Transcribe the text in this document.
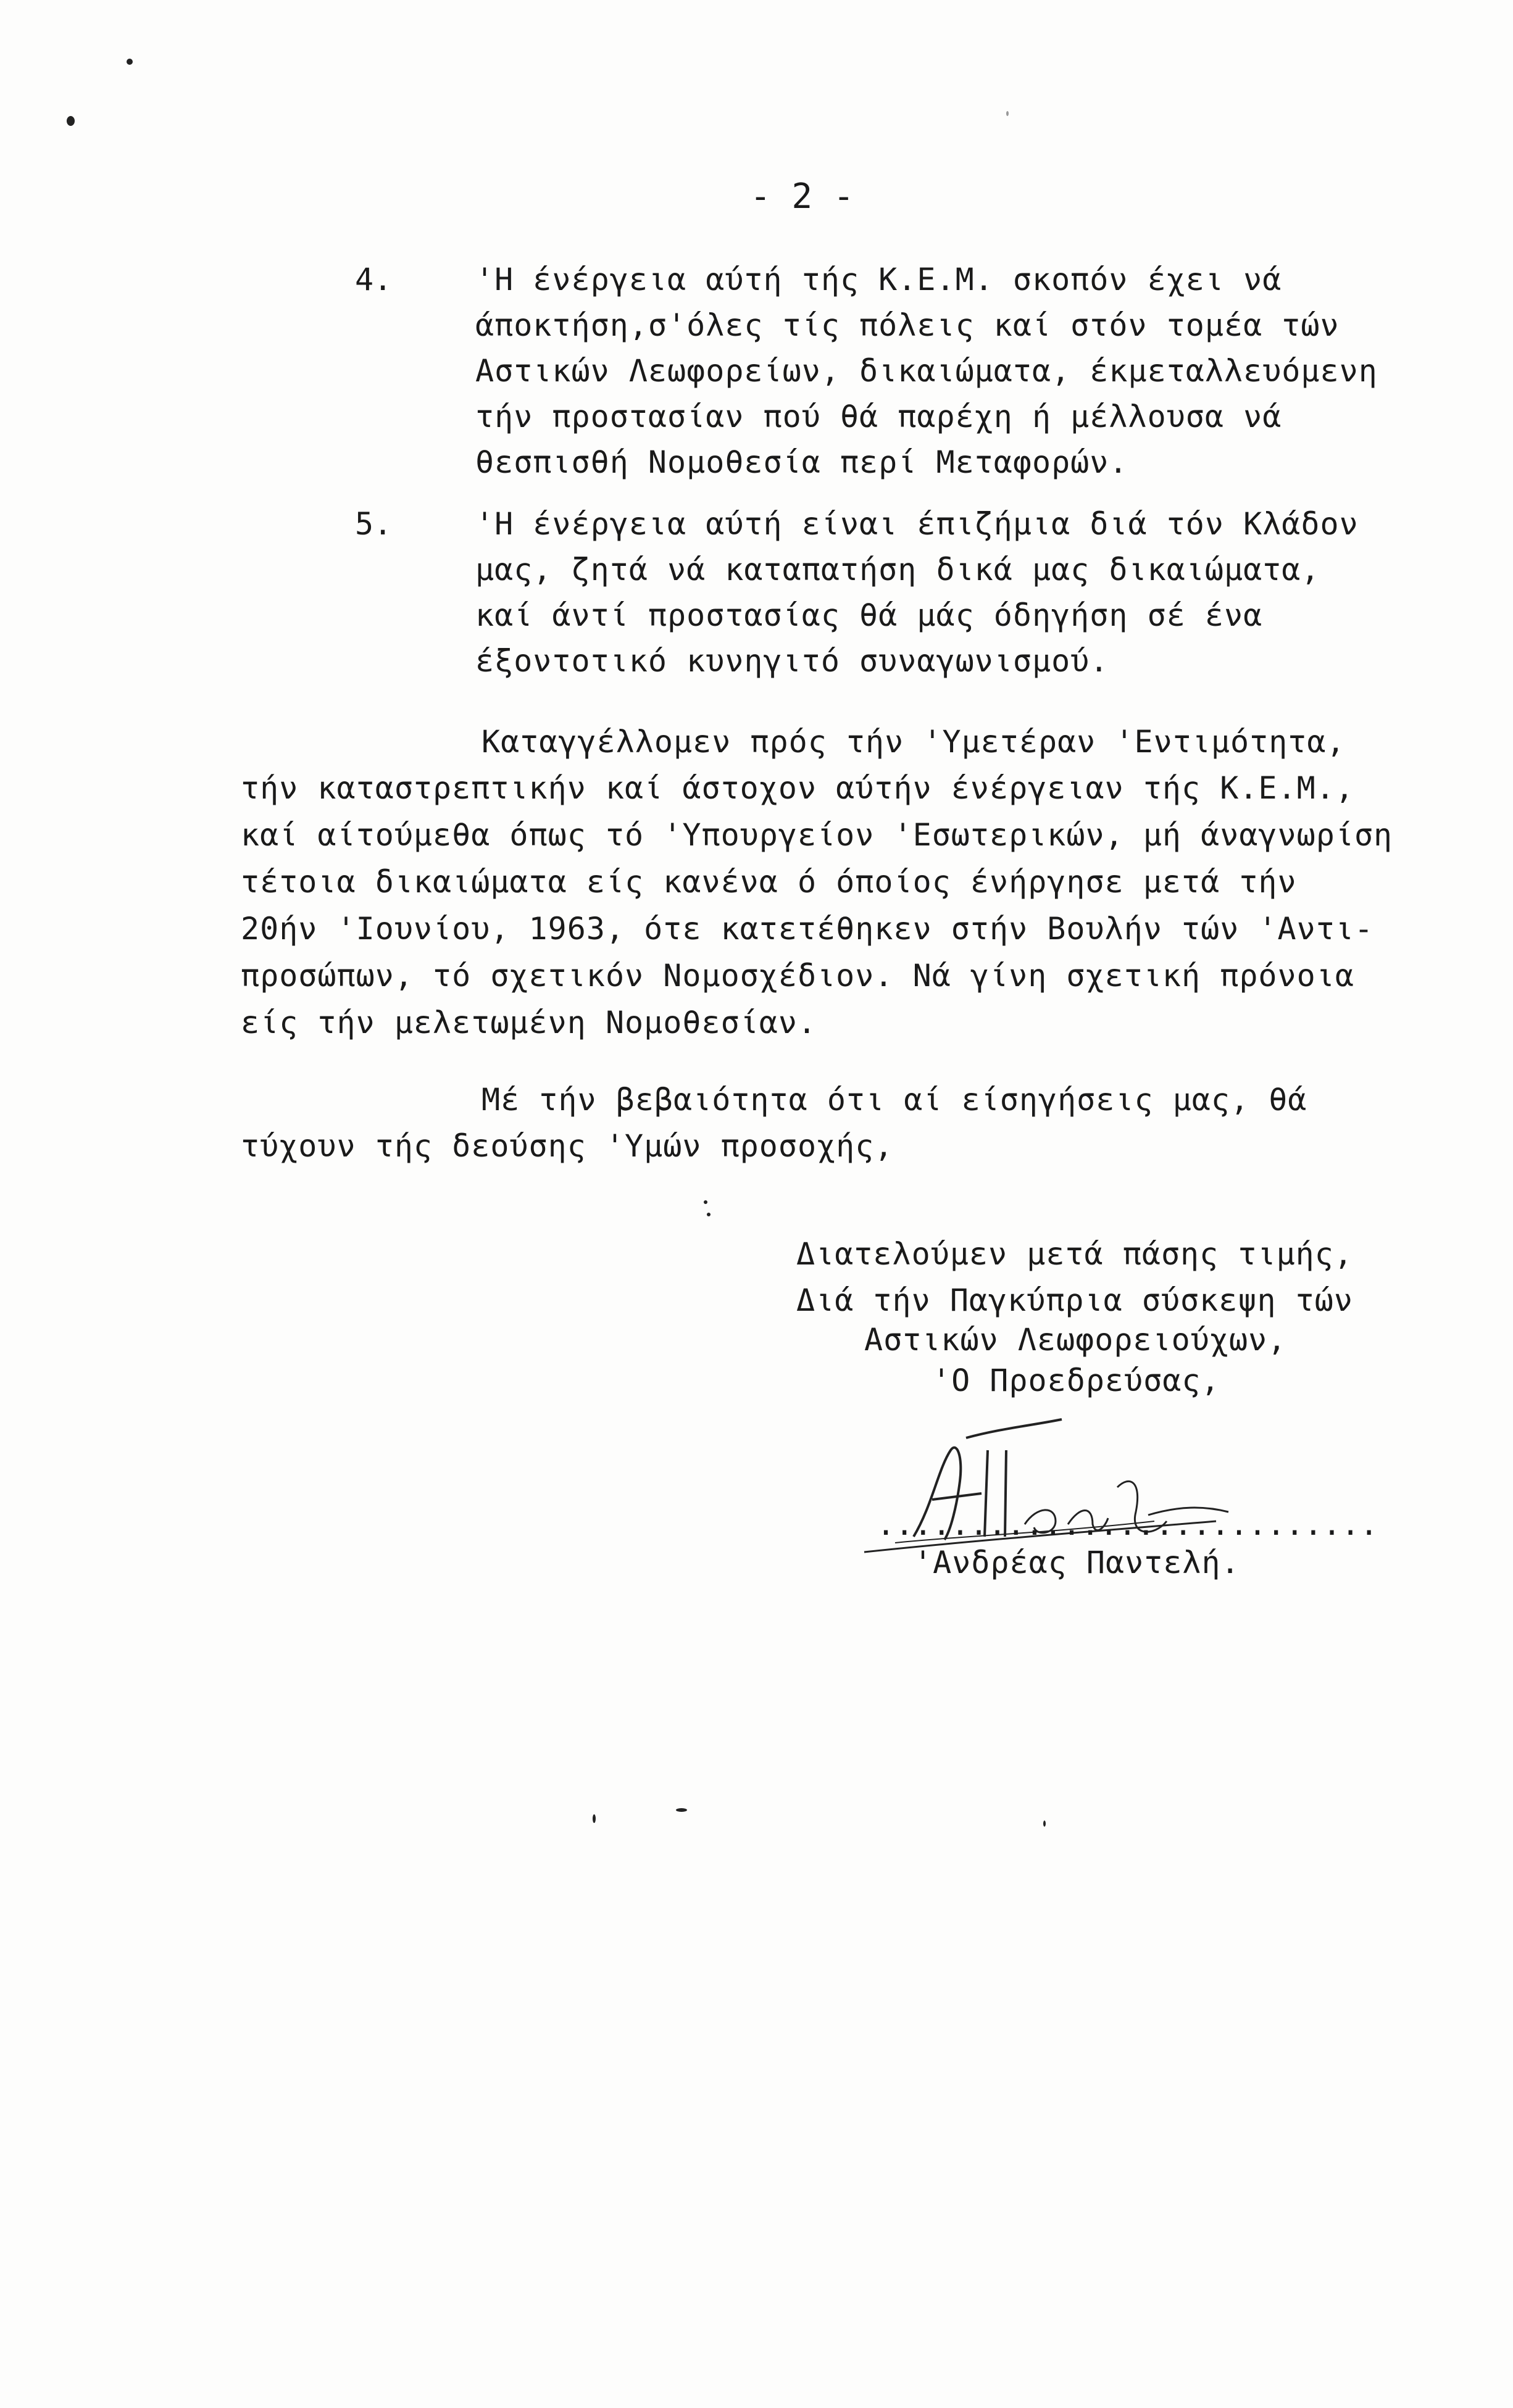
- 2 -
4.	'Η ένέργεια αύτή τής Κ.Ε.Μ. σκοπόν έχει νά
άποκτήση,σ'όλες τίς πόλεις καί στόν τομέα τών
Αστικών Λεωφορείων, δικαιώματα, έκμεταλλευόμενη
τήν προστασίαν πού θά παρέχη ή μέλλουσα νά
θεσπισθή Νομοθεσία περί Μεταφορών.
5.	'Η ένέργεια αύτή είναι έπιζήμια διά τόν Κλάδον
μας, ζητά νά καταπατήση δικά μας δικαιώματα,
καί άντί προστασίας θά μάς όδηγήση σέ ένα
έξοντοτικό κυνηγιτό συναγωνισμού.
Καταγγέλλομεν πρός τήν 'Υμετέραν 'Εντιμότητα,
τήν καταστρεπτικήν καί άστοχον αύτήν ένέργειαν τής Κ.Ε.Μ.,
καί αίτούμεθα όπως τό 'Υπουργείον 'Εσωτερικών, μή άναγνωρίση
τέτοια δικαιώματα είς κανένα ό όποίος ένήργησε μετά τήν
20ήν 'Ιουνίου, 1963, ότε κατετέθηκεν στήν Βουλήν τών 'Αντι-
προσώπων, τό σχετικόν Νομοσχέδιον. Νά γίνη σχετική πρόνοια
είς τήν μελετωμένη Νομοθεσίαν.
Μέ τήν βεβαιότητα ότι αί είσηγήσεις μας, θά
τύχουν τής δεούσης 'Υμών προσοχής,
Διατελούμεν μετά πάσης τιμής,
Διά τήν Παγκύπρια σύσκεψη τών
Αστικών Λεωφορειούχων,
'Ο Προεδρεύσας,
...........................
'Ανδρέας Παντελή.
